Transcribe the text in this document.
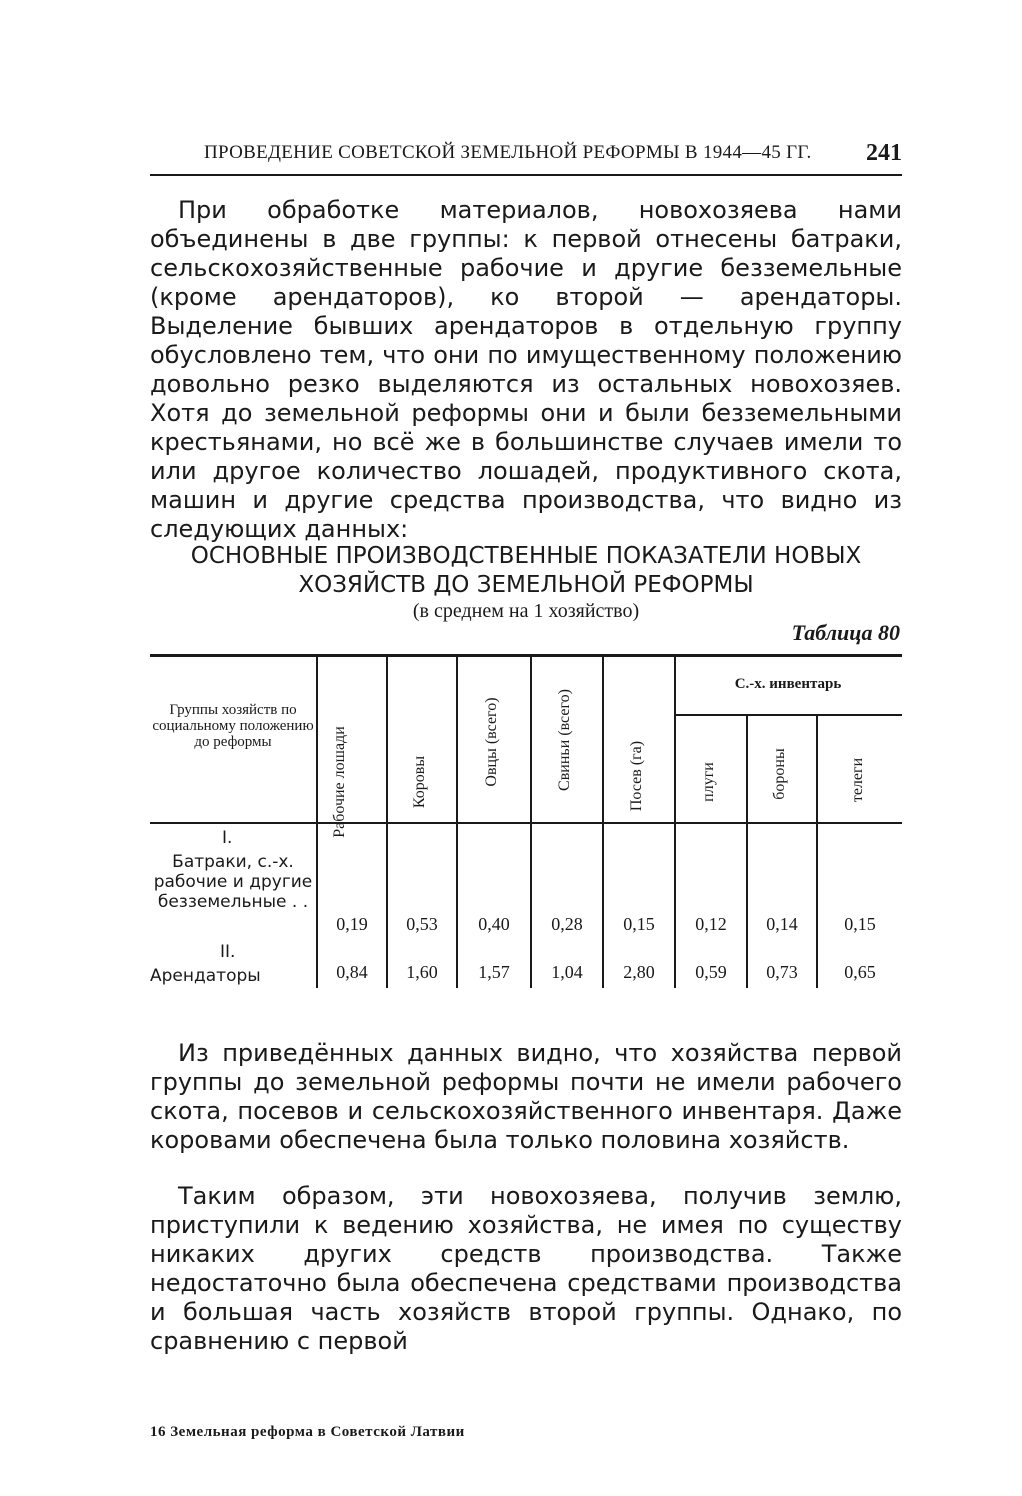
ПРОВЕДЕНИЕ СОВЕТСКОЙ ЗЕМЕЛЬНОЙ РЕФОРМЫ В 1944—45 ГГ. 241

При обработке материалов, новохозяева нами объединены в две группы: к первой отнесены батраки, сельскохозяйственные рабочие и другие безземельные (кроме арендаторов), ко второй — арендаторы. Выделение бывших арендаторов в отдельную группу обусловлено тем, что они по имущественному положению довольно резко выделяются из остальных новохозяев. Хотя до земельной реформы они и были безземельными крестьянами, но всё же в большинстве случаев имели то или другое количество лошадей, продуктивного скота, машин и другие средства производства, что видно из следующих данных:

ОСНОВНЫЕ ПРОИЗВОДСТВЕННЫЕ ПОКАЗАТЕЛИ НОВЫХ
ХОЗЯЙСТВ ДО ЗЕМЕЛЬНОЙ РЕФОРМЫ
(в среднем на 1 хозяйство)
Таблица 80
Группы хозяйств по социальному положению до реформы
С.-х. инвентарь
Рабочие лошади	Коровы	Овцы (всего)	Свиньи (всего)	Посев (га)	плуги	бороны	телеги
I.
Батраки, с.-х. рабочие и другие безземельные . .
0,19	0,53	0,40	0,28	0,15	0,12	0,14	0,15
II.
Арендаторы	0,84	1,60	1,57	1,04	2,80	0,59	0,73	0,65

Из приведённых данных видно, что хозяйства первой группы до земельной реформы почти не имели рабочего скота, посевов и сельскохозяйственного инвентаря. Даже коровами обеспечена была только половина хозяйств.

Таким образом, эти новохозяева, получив землю, приступили к ведению хозяйства, не имея по существу никаких других средств производства. Также недостаточно была обеспечена средствами производства и большая часть хозяйств второй группы. Однако, по сравнению с первой

16 Земельная реформа в Советской Латвии
